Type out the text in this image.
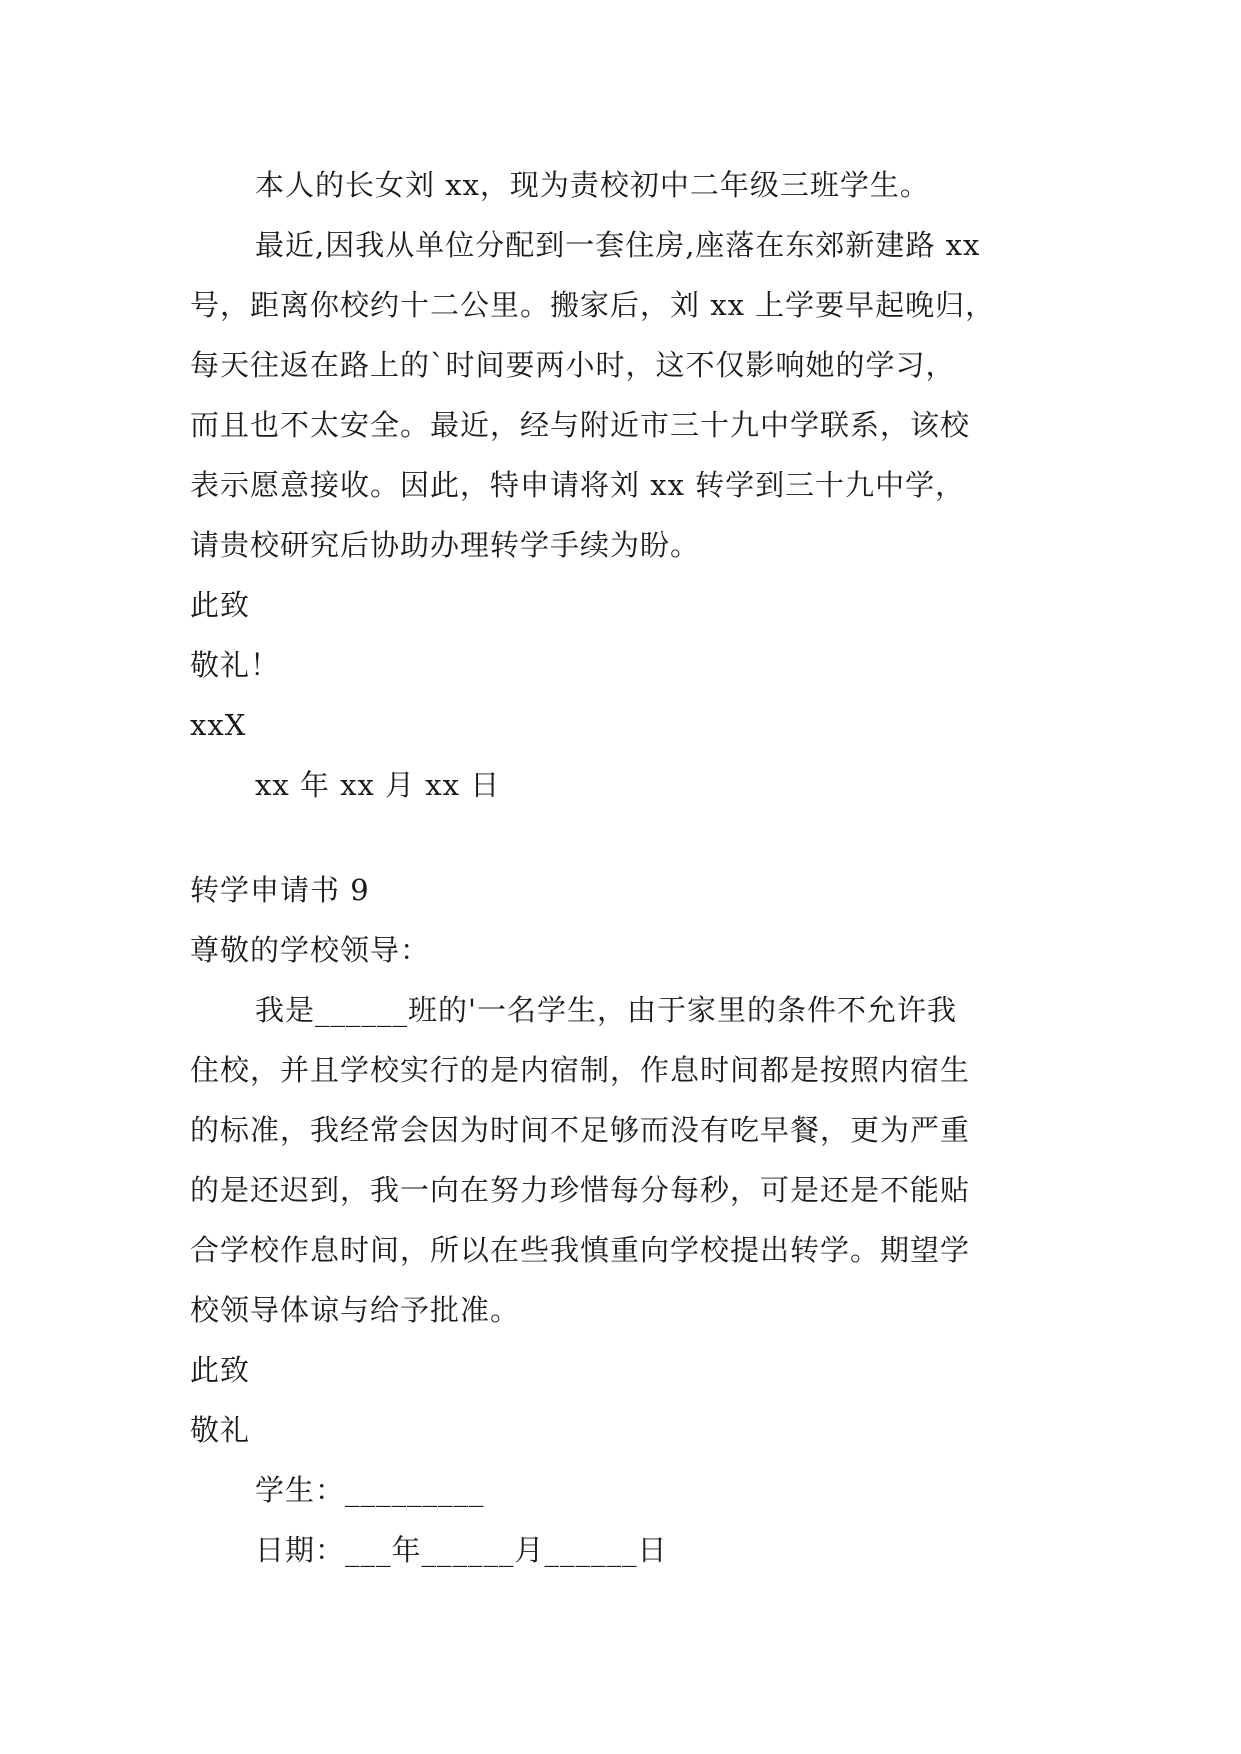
本人的长女刘 xx，现为责校初中二年级三班学生。
最近,因我从单位分配到一套住房,座落在东郊新建路 xx
号，距离你校约十二公里。搬家后，刘 xx 上学要早起晚归，
每天往返在路上的`时间要两小时，这不仅影响她的学习，
而且也不太安全。最近，经与附近市三十九中学联系，该校
表示愿意接收。因此，特申请将刘 xx 转学到三十九中学，
请贵校研究后协助办理转学手续为盼。
此致
敬礼！
xxX
xx 年 xx 月 xx 日
转学申请书 9
尊敬的学校领导：
我是______班的'一名学生，由于家里的条件不允许我
住校，并且学校实行的是内宿制，作息时间都是按照内宿生
的标准，我经常会因为时间不足够而没有吃早餐，更为严重
的是还迟到，我一向在努力珍惜每分每秒，可是还是不能贴
合学校作息时间，所以在些我慎重向学校提出转学。期望学
校领导体谅与给予批准。
此致
敬礼
学生：_________
日期：___年______月______日
